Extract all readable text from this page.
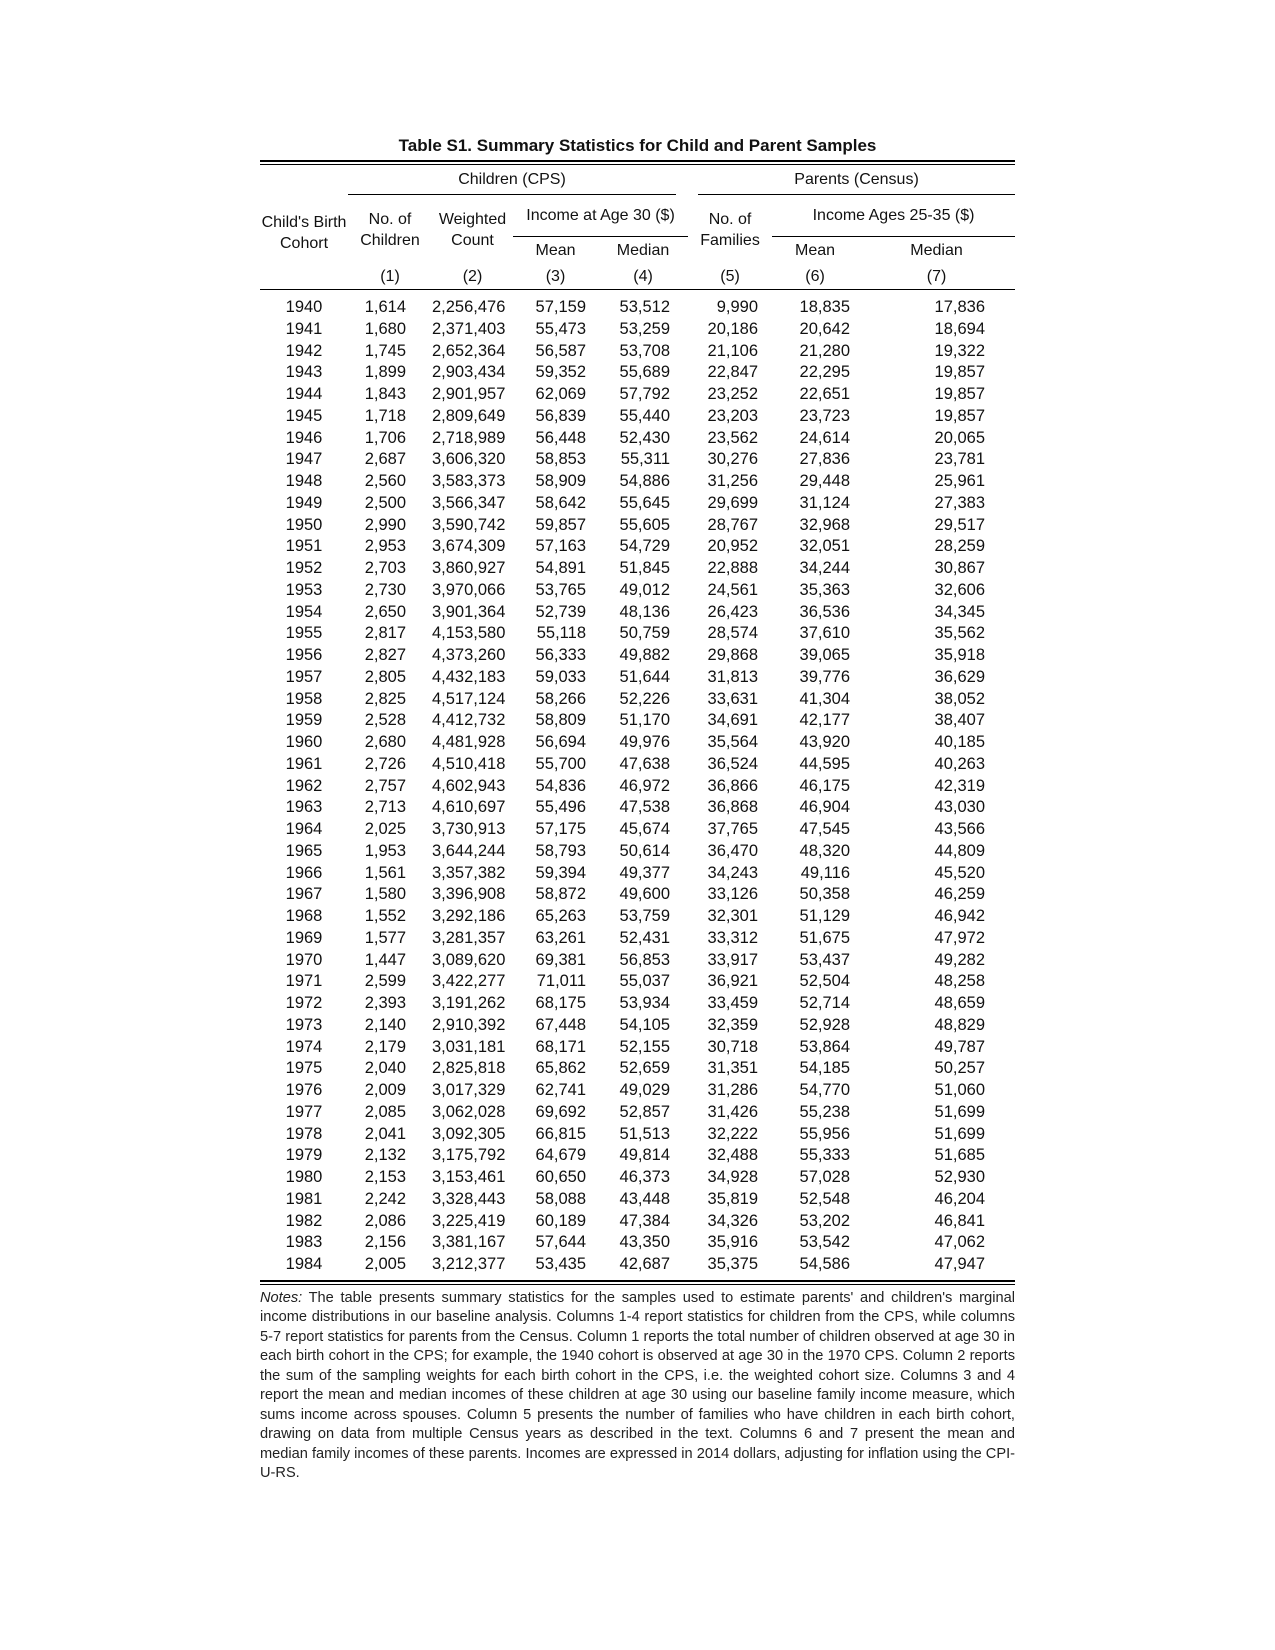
Table S1. Summary Statistics for Child and Parent Samples

	Children (CPS)				Parents (Census)		

Child's Birth Cohort	No. of Children	Weighted Count	Income at Age 30 ($)		No. of Families	Income Ages 25-35 ($)	

			Mean	Median		Mean	Median
	(1)	(2)	(3)	(4)	(5)	(6)	(7)
1940	1,614	2,256,476	57,159	53,512	9,990	18,835	17,836
1941	1,680	2,371,403	55,473	53,259	20,186	20,642	18,694
1942	1,745	2,652,364	56,587	53,708	21,106	21,280	19,322
1943	1,899	2,903,434	59,352	55,689	22,847	22,295	19,857
1944	1,843	2,901,957	62,069	57,792	23,252	22,651	19,857
1945	1,718	2,809,649	56,839	55,440	23,203	23,723	19,857
1946	1,706	2,718,989	56,448	52,430	23,562	24,614	20,065
1947	2,687	3,606,320	58,853	55,311	30,276	27,836	23,781
1948	2,560	3,583,373	58,909	54,886	31,256	29,448	25,961
1949	2,500	3,566,347	58,642	55,645	29,699	31,124	27,383
1950	2,990	3,590,742	59,857	55,605	28,767	32,968	29,517
1951	2,953	3,674,309	57,163	54,729	20,952	32,051	28,259
1952	2,703	3,860,927	54,891	51,845	22,888	34,244	30,867
1953	2,730	3,970,066	53,765	49,012	24,561	35,363	32,606
1954	2,650	3,901,364	52,739	48,136	26,423	36,536	34,345
1955	2,817	4,153,580	55,118	50,759	28,574	37,610	35,562
1956	2,827	4,373,260	56,333	49,882	29,868	39,065	35,918
1957	2,805	4,432,183	59,033	51,644	31,813	39,776	36,629
1958	2,825	4,517,124	58,266	52,226	33,631	41,304	38,052
1959	2,528	4,412,732	58,809	51,170	34,691	42,177	38,407
1960	2,680	4,481,928	56,694	49,976	35,564	43,920	40,185
1961	2,726	4,510,418	55,700	47,638	36,524	44,595	40,263
1962	2,757	4,602,943	54,836	46,972	36,866	46,175	42,319
1963	2,713	4,610,697	55,496	47,538	36,868	46,904	43,030
1964	2,025	3,730,913	57,175	45,674	37,765	47,545	43,566
1965	1,953	3,644,244	58,793	50,614	36,470	48,320	44,809
1966	1,561	3,357,382	59,394	49,377	34,243	49,116	45,520
1967	1,580	3,396,908	58,872	49,600	33,126	50,358	46,259
1968	1,552	3,292,186	65,263	53,759	32,301	51,129	46,942
1969	1,577	3,281,357	63,261	52,431	33,312	51,675	47,972
1970	1,447	3,089,620	69,381	56,853	33,917	53,437	49,282
1971	2,599	3,422,277	71,011	55,037	36,921	52,504	48,258
1972	2,393	3,191,262	68,175	53,934	33,459	52,714	48,659
1973	2,140	2,910,392	67,448	54,105	32,359	52,928	48,829
1974	2,179	3,031,181	68,171	52,155	30,718	53,864	49,787
1975	2,040	2,825,818	65,862	52,659	31,351	54,185	50,257
1976	2,009	3,017,329	62,741	49,029	31,286	54,770	51,060
1977	2,085	3,062,028	69,692	52,857	31,426	55,238	51,699
1978	2,041	3,092,305	66,815	51,513	32,222	55,956	51,699
1979	2,132	3,175,792	64,679	49,814	32,488	55,333	51,685
1980	2,153	3,153,461	60,650	46,373	34,928	57,028	52,930
1981	2,242	3,328,443	58,088	43,448	35,819	52,548	46,204
1982	2,086	3,225,419	60,189	47,384	34,326	53,202	46,841
1983	2,156	3,381,167	57,644	43,350	35,916	53,542	47,062
1984	2,005	3,212,377	53,435	42,687	35,375	54,586	47,947
Notes: The table presents summary statistics for the samples used to estimate parents' and children's marginal income distributions in our baseline analysis. Columns 1-4 report statistics for children from the CPS, while columns 5-7 report statistics for parents from the Census. Column 1 reports the total number of children observed at age 30 in each birth cohort in the CPS; for example, the 1940 cohort is observed at age 30 in the 1970 CPS. Column 2 reports the sum of the sampling weights for each birth cohort in the CPS, i.e. the weighted cohort size. Columns 3 and 4 report the mean and median incomes of these children at age 30 using our baseline family income measure, which sums income across spouses. Column 5 presents the number of families who have children in each birth cohort, drawing on data from multiple Census years as described in the text. Columns 6 and 7 present the mean and median family incomes of these parents. Incomes are expressed in 2014 dollars, adjusting for inflation using the CPI-U-RS.
